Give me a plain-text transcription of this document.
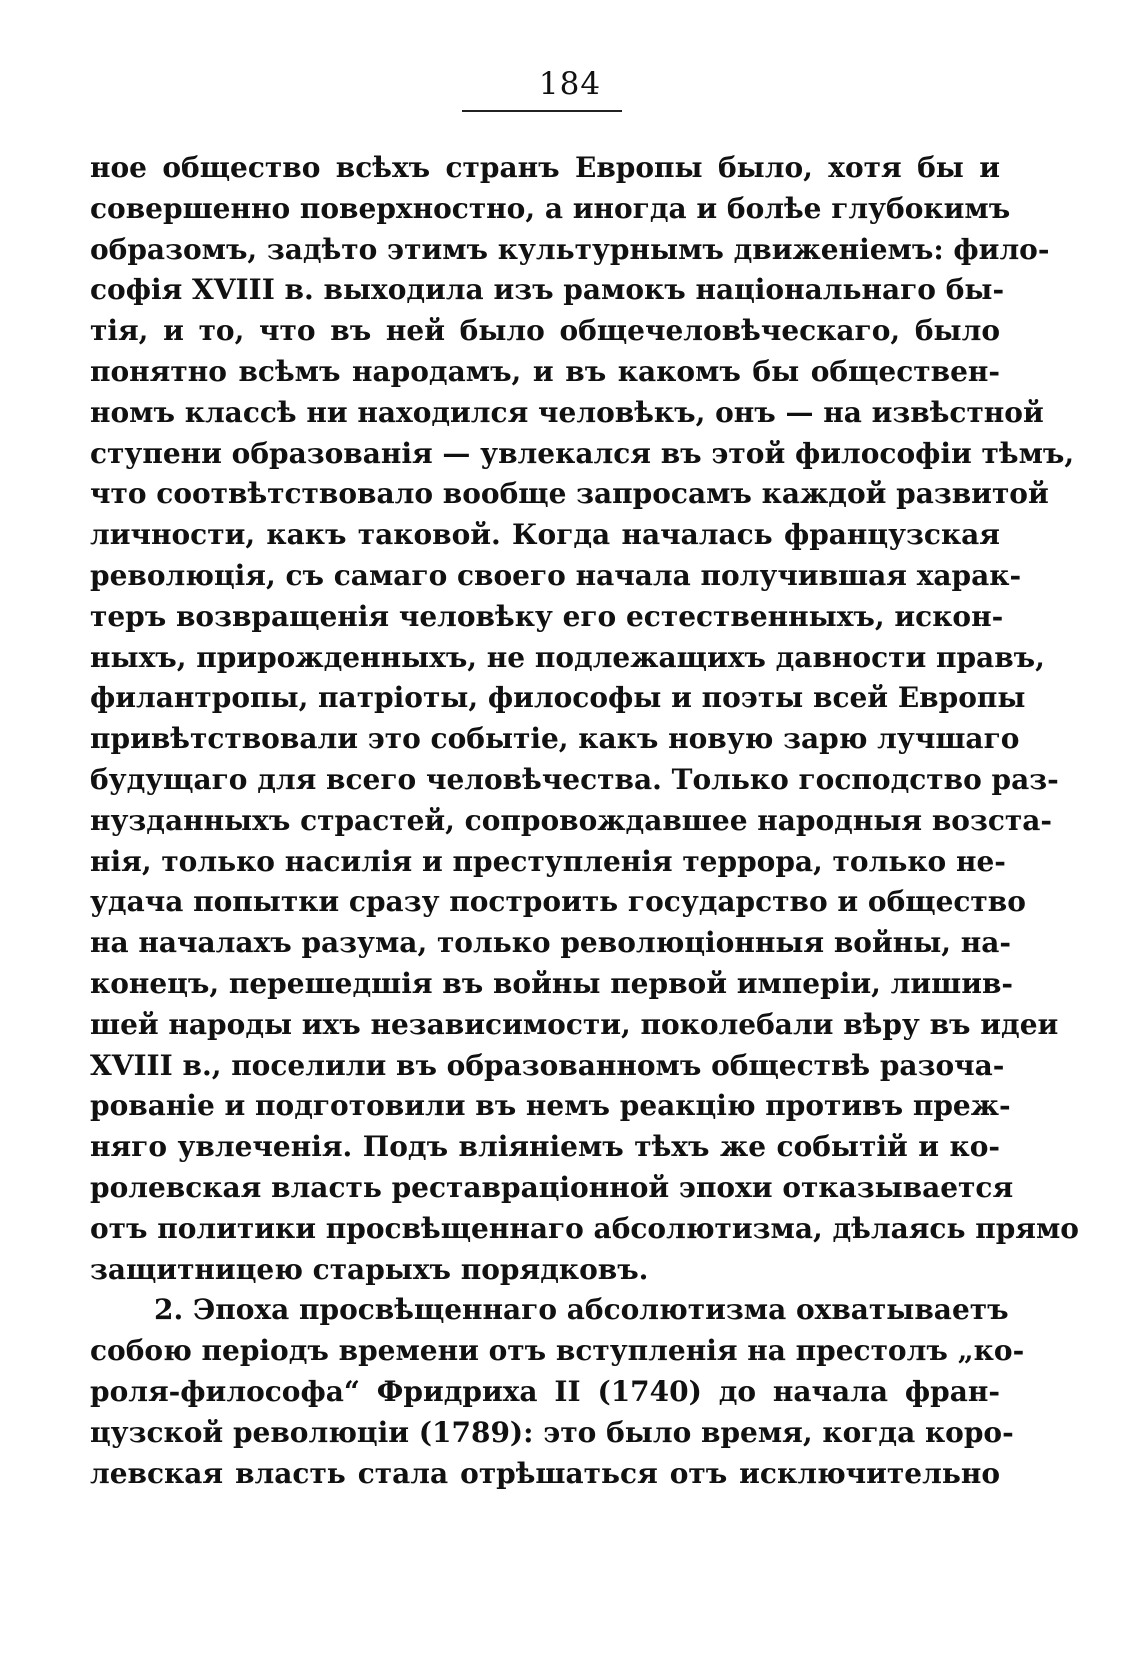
184
ное общество всѣхъ странъ Европы было, хотя бы и
совершенно поверхностно, а иногда и болѣе глубокимъ
образомъ, задѣто этимъ культурнымъ движеніемъ: фило-
софія XVIII в. выходила изъ рамокъ національнаго бы-
тія, и то, что въ ней было общечеловѣческаго, было
понятно всѣмъ народамъ, и въ какомъ бы обществен-
номъ классѣ ни находился человѣкъ, онъ — на извѣстной
ступени образованія — увлекался въ этой философіи тѣмъ,
что соотвѣтствовало вообще запросамъ каждой развитой
личности, какъ таковой. Когда началась французская
революція, съ самаго своего начала получившая харак-
теръ возвращенія человѣку его естественныхъ, искон-
ныхъ, прирожденныхъ, не подлежащихъ давности правъ,
филантропы, патріоты, философы и поэты всей Европы
привѣтствовали это событіе, какъ новую зарю лучшаго
будущаго для всего человѣчества. Только господство раз-
нузданныхъ страстей, сопровождавшее народныя возста-
нія, только насилія и преступленія террора, только не-
удача попытки сразу построить государство и общество
на началахъ разума, только революціонныя войны, на-
конецъ, перешедшія въ войны первой имперіи, лишив-
шей народы ихъ независимости, поколебали вѣру въ идеи
XVIII в., поселили въ образованномъ обществѣ разоча-
рованіе и подготовили въ немъ реакцію противъ преж-
няго увлеченія. Подъ вліяніемъ тѣхъ же событій и ко-
ролевская власть реставраціонной эпохи отказывается
отъ политики просвѣщеннаго абсолютизма, дѣлаясь прямо
защитницею старыхъ порядковъ.
2. Эпоха просвѣщеннаго абсолютизма охватываетъ
собою періодъ времени отъ вступленія на престолъ „ко-
роля-философа“ Фридриха II (1740) до начала фран-
цузской революціи (1789): это было время, когда коро-
левская власть стала отрѣшаться отъ исключительно
